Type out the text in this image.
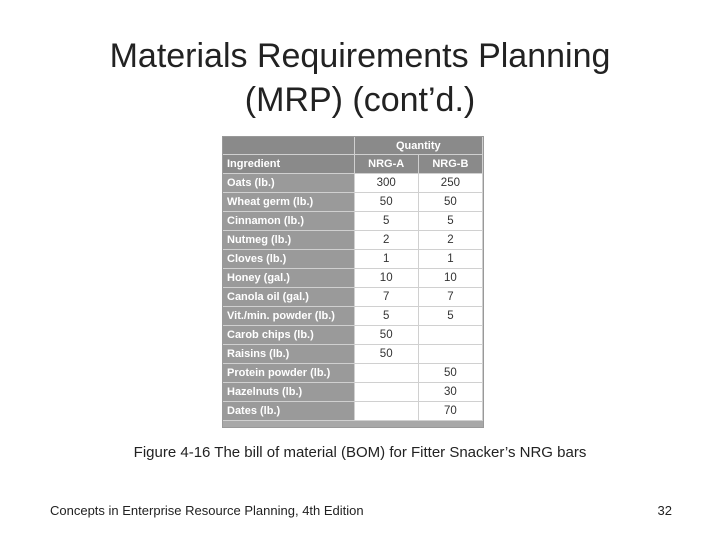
Materials Requirements Planning
(MRP) (cont’d.)
	Quantity	
Ingredient	NRG-A	NRG-B
Oats (lb.)	300	250
Wheat germ (lb.)	50	50
Cinnamon (lb.)	5	5
Nutmeg (lb.)	2	2
Cloves (lb.)	1	1
Honey (gal.)	10	10
Canola oil (gal.)	7	7
Vit./min. powder (lb.)	5	5
Carob chips (lb.)	50	
Raisins (lb.)	50	
Protein powder (lb.)		50
Hazelnuts (lb.)		30
Dates (lb.)		70
Figure 4-16 The bill of material (BOM) for Fitter Snacker’s NRG bars
Concepts in Enterprise Resource Planning, 4th Edition	32
